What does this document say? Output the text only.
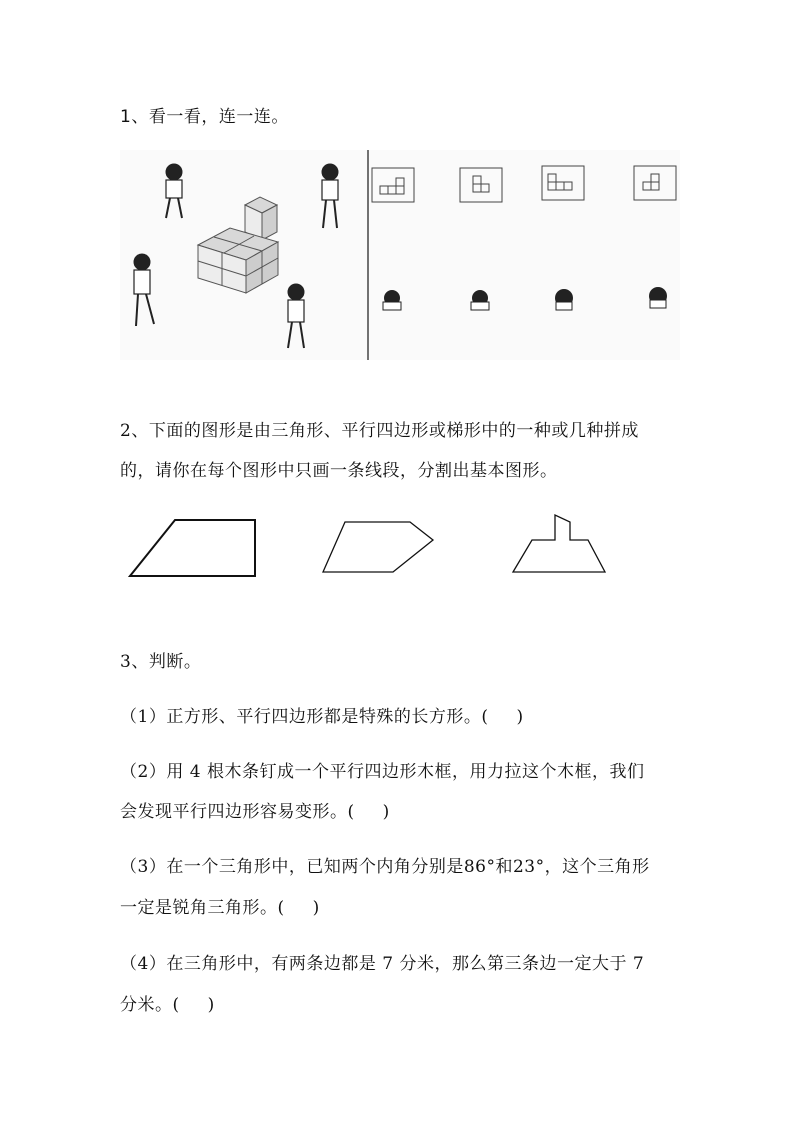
1、看一看，连一连。
2、下面的图形是由三角形、平行四边形或梯形中的一种或几种拼成
的，请你在每个图形中只画一条线段，分割出基本图形。
3、判断。
（1）正方形、平行四边形都是特殊的长方形。( )
（2）用 4 根木条钉成一个平行四边形木框，用力拉这个木框，我们
会发现平行四边形容易变形。( )
（3）在一个三角形中，已知两个内角分别是86°和23°，这个三角形
一定是锐角三角形。( )
（4）在三角形中，有两条边都是 7 分米，那么第三条边一定大于 7
分米。( )
